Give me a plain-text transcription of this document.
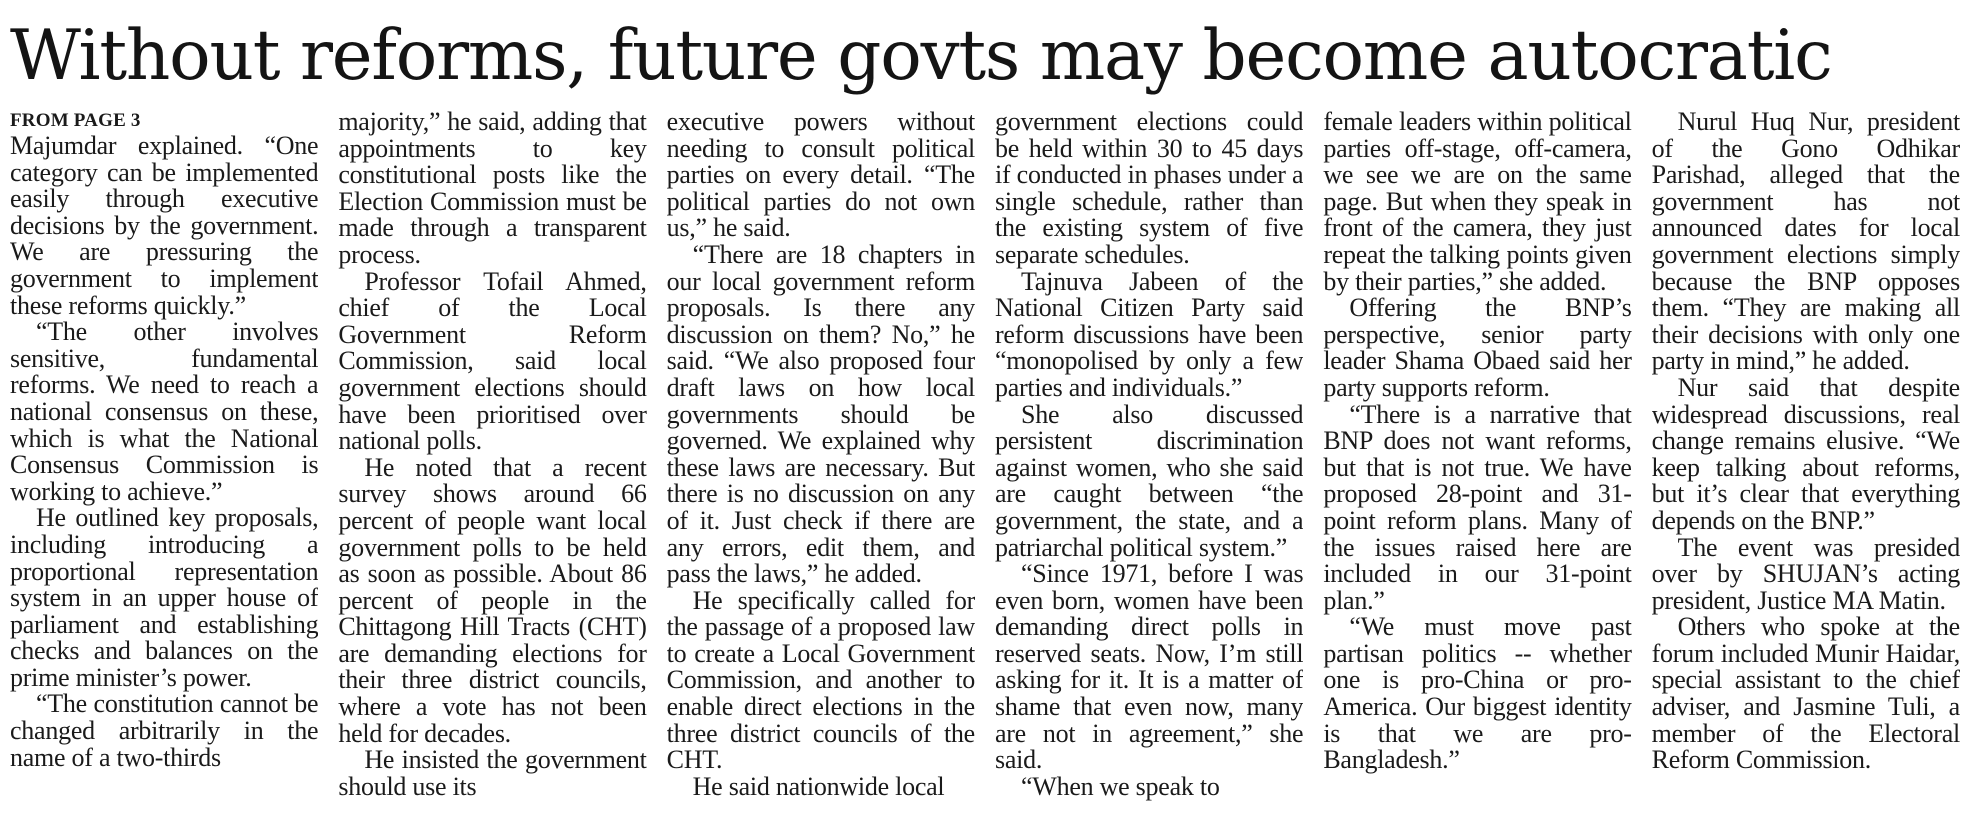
Without reforms, future govts may become autocratic
FROM PAGE 3

Majumdar explained. “One category can be implemented easily through executive decisions by the government. We are pressuring the government to implement these reforms quickly.”

“The other involves sensitive, fundamental reforms. We need to reach a national consensus on these, which is what the National Consensus Commission is working to achieve.”

He outlined key proposals, including introducing a proportional representation system in an upper house of parliament and establishing checks and balances on the prime minister’s power.

“The constitution cannot be changed arbitrarily in the name of a two-thirds

majority,” he said, adding that appointments to key constitutional posts like the Election Commission must be made through a transparent process.

Professor Tofail Ahmed, chief of the Local Government Reform Commission, said local government elections should have been prioritised over national polls.

He noted that a recent survey shows around 66 percent of people want local government polls to be held as soon as possible. About 86 percent of people in the Chittagong Hill Tracts (CHT) are demanding elections for their three district councils, where a vote has not been held for decades.

He insisted the government should use its

executive powers without needing to consult political parties on every detail. “The political parties do not own us,” he said.

“There are 18 chapters in our local government reform proposals. Is there any discussion on them? No,” he said. “We also proposed four draft laws on how local governments should be governed. We explained why these laws are necessary. But there is no discussion on any of it. Just check if there are any errors, edit them, and pass the laws,” he added.

He specifically called for the passage of a proposed law to create a Local Government Commission, and another to enable direct elections in the three district councils of the CHT.

He said nationwide local

government elections could be held within 30 to 45 days if conducted in phases under a single schedule, rather than the existing system of five separate schedules.

Tajnuva Jabeen of the National Citizen Party said reform discussions have been “monopolised by only a few parties and individuals.”

She also discussed persistent discrimination against women, who she said are caught between “the government, the state, and a patriarchal political system.”

“Since 1971, before I was even born, women have been demanding direct polls in reserved seats. Now, I’m still asking for it. It is a matter of shame that even now, many are not in agreement,” she said.

“When we speak to

female leaders within political parties off-stage, off-camera, we see we are on the same page. But when they speak in front of the camera, they just repeat the talking points given by their parties,” she added.

Offering the BNP’s perspective, senior party leader Shama Obaed said her party supports reform.

“There is a narrative that BNP does not want reforms, but that is not true. We have proposed 28-point and 31-point reform plans. Many of the issues raised here are included in our 31-point plan.”

“We must move past partisan politics -- whether one is pro-China or pro-America. Our biggest identity is that we are pro-Bangladesh.”

Nurul Huq Nur, president of the Gono Odhikar Parishad, alleged that the government has not announced dates for local government elections simply because the BNP opposes them. “They are making all their decisions with only one party in mind,” he added.

Nur said that despite widespread discussions, real change remains elusive. “We keep talking about reforms, but it’s clear that everything depends on the BNP.”

The event was presided over by SHUJAN’s acting president, Justice MA Matin.

Others who spoke at the forum included Munir Haidar, special assistant to the chief adviser, and Jasmine Tuli, a member of the Electoral Reform Commission.
